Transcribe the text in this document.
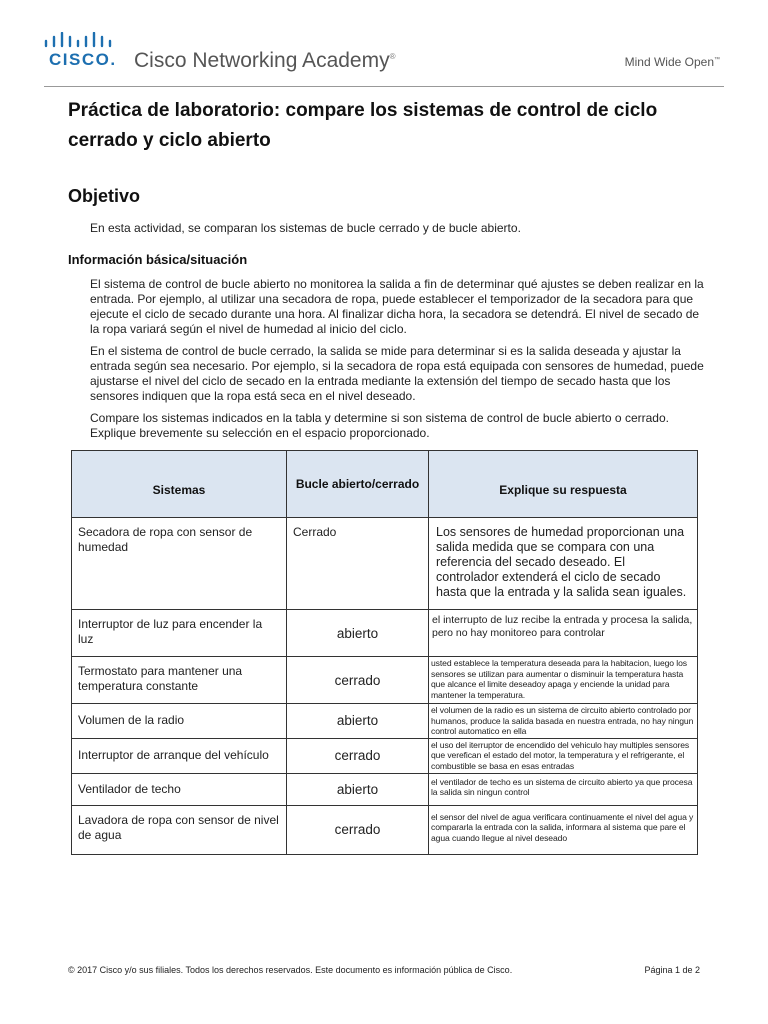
CISCO. Cisco Networking Academy®	Mind Wide Open™
Práctica de laboratorio: compare los sistemas de control de ciclo cerrado y ciclo abierto
Objetivo
En esta actividad, se comparan los sistemas de bucle cerrado y de bucle abierto.
Información básica/situación
El sistema de control de bucle abierto no monitorea la salida a fin de determinar qué ajustes se deben realizar en la entrada. Por ejemplo, al utilizar una secadora de ropa, puede establecer el temporizador de la secadora para que ejecute el ciclo de secado durante una hora. Al finalizar dicha hora, la secadora se detendrá. El nivel de secado de la ropa variará según el nivel de humedad al inicio del ciclo.
En el sistema de control de bucle cerrado, la salida se mide para determinar si es la salida deseada y ajustar la entrada según sea necesario. Por ejemplo, si la secadora de ropa está equipada con sensores de humedad, puede ajustarse el nivel del ciclo de secado en la entrada mediante la extensión del tiempo de secado hasta que los sensores indiquen que la ropa está seca en el nivel deseado.
Compare los sistemas indicados en la tabla y determine si son sistema de control de bucle abierto o cerrado. Explique brevemente su selección en el espacio proporcionado.
Sistemas	Bucle abierto/cerrado	Explique su respuesta
Secadora de ropa con sensor de humedad	Cerrado	Los sensores de humedad proporcionan una salida medida que se compara con una referencia del secado deseado. El controlador extenderá el ciclo de secado hasta que la entrada y la salida sean iguales.
Interruptor de luz para encender la luz	abierto	el interrupto de luz recibe la entrada y procesa la salida, pero no hay monitoreo para controlar
Termostato para mantener una temperatura constante	cerrado	usted establece la temperatura deseada para la habitacion, luego los sensores se utilizan para aumentar o disminuir la temperatura hasta que alcance el limite deseadoy apaga y enciende la unidad para mantener la temperatura.
Volumen de la radio	abierto	el volumen de la radio es un sistema de circuito abierto controlado por humanos, produce la salida basada en nuestra entrada, no hay ningun control automatico en ella
Interruptor de arranque del vehículo	cerrado	el uso del iterruptor de encendido del vehiculo hay multiples sensores que verefican el estado del motor, la temperatura y el refrigerante, el combustible se basa en esas entradas
Ventilador de techo	abierto	el ventilador de techo es un sistema de circuito abierto ya que procesa la salida sin ningun control
Lavadora de ropa con sensor de nivel de agua	cerrado	el sensor del nivel de agua verificara continuamente el nivel del agua y compararla la entrada con la salida, informara al sistema que pare el agua cuando llegue al nivel deseado
© 2017 Cisco y/o sus filiales. Todos los derechos reservados. Este documento es información pública de Cisco.	Página 1 de 2
